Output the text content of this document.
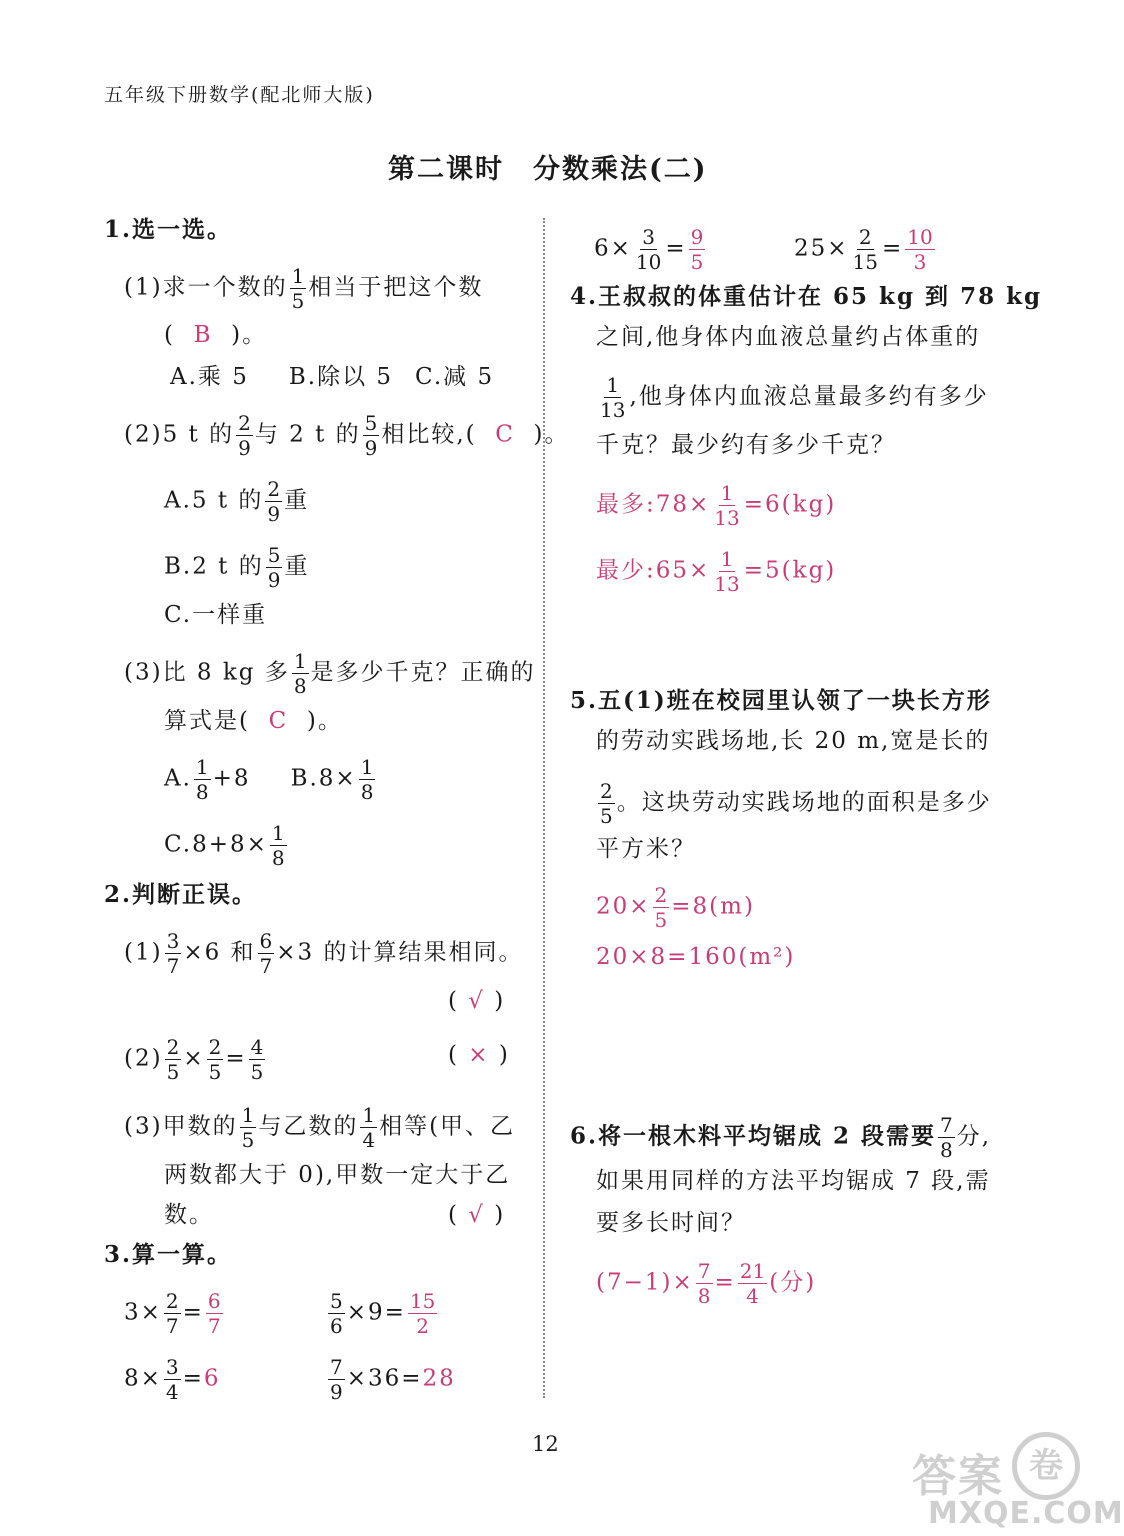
五年级下册数学(配北师大版)
第二课时　分数乘法(二)
1.选一选。
(1)求一个数的 $\frac{1}{5}$ 相当于把这个数
( B )。
A.乘 5 B.除以 5 C.减 5
(2)5 t 的 $\frac{2}{9}$ 与 2 t 的 $\frac{5}{9}$ 相比较,( C )。
A.5 t 的 $\frac{2}{9}$ 重
B.2 t 的 $\frac{5}{9}$ 重
C.一样重
(3)比 8 kg 多 $\frac{1}{8}$ 是多少千克？正确的
算式是( C )。
A. $\frac{1}{8} +8$ $B.8\times \frac{1}{8}$
$C.8+8\times \frac{1}{8}$
2.判断正误。
$(1) \frac{3}{7} \times 6$ 和 $\frac{6}{7} \times 3$ 的计算结果相同。
( √ )
$(2) \frac{2}{5} \times \frac{2}{5} = \frac{4}{5}$	( × )
(3)甲数的 $\frac{1}{5}$ 与乙数的 $\frac{1}{4}$ 相等(甲、乙
两数都大于 0),甲数一定大于乙
数。	( √ )
3.算一算。
$3\times \frac{2}{7} = \frac{6}{7}$	$\frac{5}{6} \times 9= \frac{15}{2}$
$8\times \frac{3}{4} =6$	$\frac{7}{9} \times 36=28$
$6\times \frac{3}{10} = \frac{9}{5}$	$25\times \frac{2}{15} = \frac{10}{3}$
4.王叔叔的体重估计在 65 kg 到 78 kg
之间,他身体内血液总量约占体重的
$\frac{1}{13}$ ,他身体内血液总量最多约有多少
千克？最少约有多少千克？
最多:78× $\frac{1}{13} =6(kg)$
最少:65× $\frac{1}{13} =5(kg)$
5.五(1)班在校园里认领了一块长方形
的劳动实践场地,长 20 m,宽是长的
$\frac{2}{5}$ 。这块劳动实践场地的面积是多少
平方米？
$20\times \frac{2}{5} =8(m)$
20×8=160(m²)
6.将一根木料平均锯成 2 段需要 $\frac{7}{8}$ 分,
如果用同样的方法平均锯成 7 段,需
要多长时间？
$(7-1)\times \frac{7}{8} = \frac{21}{4}$ (分)
12
答案 卷
MXQE.COM
